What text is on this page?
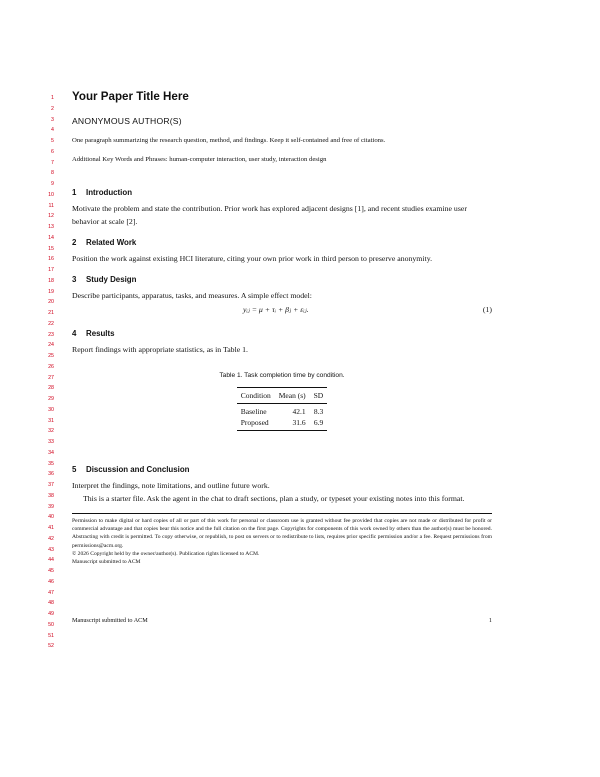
1
2
3
4
5
6
7
8
9
10
11
12
13
14
15
16
17
18
19
20
21
22
23
24
25
26
27
28
29
30
31
32
33
34
35
36
37
38
39
40
41
42
43
44
45
46
47
48
49
50
51
52
Your Paper Title Here
ANONYMOUS AUTHOR(S)
One paragraph summarizing the research question, method, and findings. Keep it self-contained and free of citations.
Additional Key Words and Phrases: human-computer interaction, user study, interaction design
1	Introduction
Motivate the problem and state the contribution. Prior work has explored adjacent designs [1], and recent studies examine user behavior at scale [2].
2	Related Work
Position the work against existing HCI literature, citing your own prior work in third person to preserve anonymity.
3	Study Design
Describe participants, apparatus, tasks, and measures. A simple effect model:
yᵢⱼ = μ + τᵢ + βⱼ + εᵢⱼ.	(1)
4	Results
Report findings with appropriate statistics, as in Table 1.
Table 1. Task completion time by condition.
Condition	Mean (s)	SD
Baseline	42.1	8.3
Proposed	31.6	6.9
5	Discussion and Conclusion
Interpret the findings, note limitations, and outline future work.
This is a starter file. Ask the agent in the chat to draft sections, plan a study, or typeset your existing notes into this format.
Permission to make digital or hard copies of all or part of this work for personal or classroom use is granted without fee provided that copies are not made or distributed for profit or commercial advantage and that copies bear this notice and the full citation on the first page. Copyrights for components of this work owned by others than the author(s) must be honored. Abstracting with credit is permitted. To copy otherwise, or republish, to post on servers or to redistribute to lists, requires prior specific permission and/or a fee. Request permissions from permissions@acm.org.
© 2026 Copyright held by the owner/author(s). Publication rights licensed to ACM.
Manuscript submitted to ACM
Manuscript submitted to ACM	1
